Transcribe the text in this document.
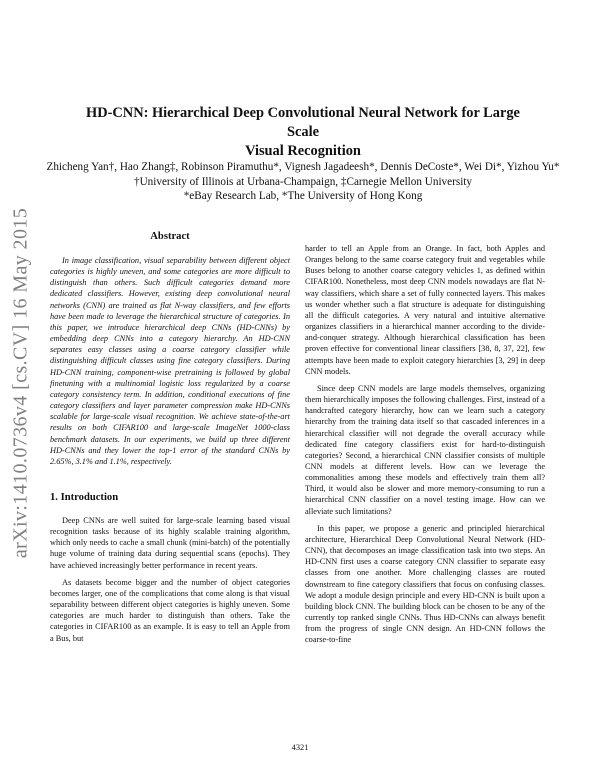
HD-CNN: Hierarchical Deep Convolutional Neural Network for Large Scale
Visual Recognition
Zhicheng Yan†, Hao Zhang‡, Robinson Piramuthu*, Vignesh Jagadeesh*, Dennis DeCoste*, Wei Di*, Yizhou Yu*
†University of Illinois at Urbana-Champaign, ‡Carnegie Mellon University
*eBay Research Lab, *The University of Hong Kong
arXiv:1410.0736v4 [cs.CV] 16 May 2015	Abstract

In image classification, visual separability between different object categories is highly uneven, and some categories are more difficult to distinguish than others. Such difficult categories demand more dedicated classifiers. However, existing deep convolutional neural networks (CNN) are trained as flat N-way classifiers, and few efforts have been made to leverage the hierarchical structure of categories. In this paper, we introduce hierarchical deep CNNs (HD-CNNs) by embedding deep CNNs into a category hierarchy. An HD-CNN separates easy classes using a coarse category classifier while distinguishing difficult classes using fine category classifiers. During HD-CNN training, component-wise pretraining is followed by global finetuning with a multinomial logistic loss regularized by a coarse category consistency term. In addition, conditional executions of fine category classifiers and layer parameter compression make HD-CNNs scalable for large-scale visual recognition. We achieve state-of-the-art results on both CIFAR100 and large-scale ImageNet 1000-class benchmark datasets. In our experiments, we build up three different HD-CNNs and they lower the top-1 error of the standard CNNs by 2.65%, 3.1% and 1.1%, respectively.

1. Introduction

Deep CNNs are well suited for large-scale learning based visual recognition tasks because of its highly scalable training algorithm, which only needs to cache a small chunk (mini-batch) of the potentially huge volume of training data during sequential scans (epochs). They have achieved increasingly better performance in recent years.

As datasets become bigger and the number of object categories becomes larger, one of the complications that come along is that visual separability between different object categories is highly uneven. Some categories are much harder to distinguish than others. Take the categories in CIFAR100 as an example. It is easy to tell an Apple from a Bus, but

harder to tell an Apple from an Orange. In fact, both Apples and Oranges belong to the same coarse category fruit and vegetables while Buses belong to another coarse category vehicles 1, as defined within CIFAR100. Nonetheless, most deep CNN models nowadays are flat N-way classifiers, which share a set of fully connected layers. This makes us wonder whether such a flat structure is adequate for distinguishing all the difficult categories. A very natural and intuitive alternative organizes classifiers in a hierarchical manner according to the divide-and-conquer strategy. Although hierarchical classification has been proven effective for conventional linear classifiers [38, 8, 37, 22], few attempts have been made to exploit category hierarchies [3, 29] in deep CNN models.

Since deep CNN models are large models themselves, organizing them hierarchically imposes the following challenges. First, instead of a handcrafted category hierarchy, how can we learn such a category hierarchy from the training data itself so that cascaded inferences in a hierarchical classifier will not degrade the overall accuracy while dedicated fine category classifiers exist for hard-to-distinguish categories? Second, a hierarchical CNN classifier consists of multiple CNN models at different levels. How can we leverage the commonalities among these models and effectively train them all? Third, it would also be slower and more memory-consuming to run a hierarchical CNN classifier on a novel testing image. How can we alleviate such limitations?

In this paper, we propose a generic and principled hierarchical architecture, Hierarchical Deep Convolutional Neural Network (HD-CNN), that decomposes an image classification task into two steps. An HD-CNN first uses a coarse category CNN classifier to separate easy classes from one another. More challenging classes are routed downstream to fine category classifiers that focus on confusing classes. We adopt a module design principle and every HD-CNN is built upon a building block CNN. The building block can be chosen to be any of the currently top ranked single CNNs. Thus HD-CNNs can always benefit from the progress of single CNN design. An HD-CNN follows the coarse-to-fine

4321
